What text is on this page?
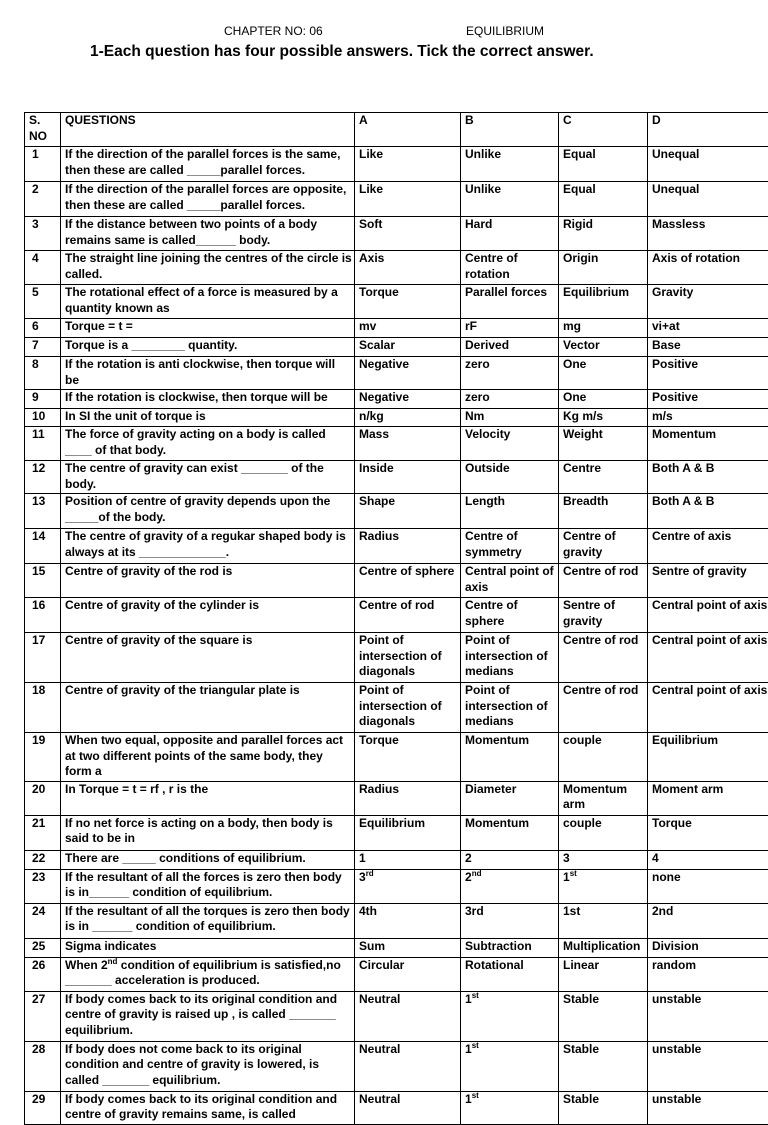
CHAPTER NO: 06	EQUILIBRIUM
1-Each question has four possible answers. Tick the correct answer.
S. NO	QUESTIONS	A	B	C	D
1	If the direction of the parallel forces is the same, then these are called _____parallel forces.	Like	Unlike	Equal	Unequal
2	If the direction of the parallel forces are opposite, then these are called _____parallel forces.	Like	Unlike	Equal	Unequal
3	If the distance between two points of a body remains same is called______ body.	Soft	Hard	Rigid	Massless
4	The straight line joining the centres of the circle is called.	Axis	Centre of rotation	Origin	Axis of rotation
5	The rotational effect of a force is measured by a quantity known as	Torque	Parallel forces	Equilibrium	Gravity
6	Torque = t =	mv	rF	mg	vi+at
7	Torque is a ________ quantity.	Scalar	Derived	Vector	Base
8	If the rotation is anti clockwise, then torque will be	Negative	zero	One	Positive
9	If the rotation is clockwise, then torque will be	Negative	zero	One	Positive
10	In SI the unit of torque is	n/kg	Nm	Kg m/s	m/s
11	The force of gravity acting on a body is called ____ of that body.	Mass	Velocity	Weight	Momentum
12	The centre of gravity can exist _______ of the body.	Inside	Outside	Centre	Both A & B
13	Position of centre of gravity depends upon the _____of the body.	Shape	Length	Breadth	Both A & B
14	The centre of gravity of a regukar shaped body is always at its _____________.	Radius	Centre of symmetry	Centre of gravity	Centre of axis
15	Centre of gravity of the rod is	Centre of sphere	Central point of axis	Centre of rod	Sentre of gravity
16	Centre of gravity of the cylinder is	Centre of rod	Centre of sphere	Sentre of gravity	Central point of axis
17	Centre of gravity of the square is	Point of intersection of diagonals	Point of intersection of medians	Centre of rod	Central point of axis
18	Centre of gravity of the triangular plate is	Point of intersection of diagonals	Point of intersection of medians	Centre of rod	Central point of axis
19	When two equal, opposite and parallel forces act at two different points of the same body, they form a	Torque	Momentum	couple	Equilibrium
20	In Torque = t = rf , r is the	Radius	Diameter	Momentum arm	Moment arm
21	If no net force is acting on a body, then body is said to be in	Equilibrium	Momentum	couple	Torque
22	There are _____ conditions of equilibrium.	1	2	3	4
23	If the resultant of all the forces is zero then body is in______ condition of equilibrium.	3rd	2nd	1st	none
24	If the resultant of all the torques is zero then body is in ______ condition of equilibrium.	4th	3rd	1st	2nd
25	Sigma indicates	Sum	Subtraction	Multiplication	Division
26	When 2nd condition of equilibrium is satisfied,no _______ acceleration is produced.	Circular	Rotational	Linear	random
27	If body comes back to its original condition and centre of gravity is raised up , is called _______ equilibrium.	Neutral	1st	Stable	unstable
28	If body does not come back to its original condition and centre of gravity is lowered, is called _______ equilibrium.	Neutral	1st	Stable	unstable
29	If body comes back to its original condition and centre of gravity remains same, is called	Neutral	1st	Stable	unstable
